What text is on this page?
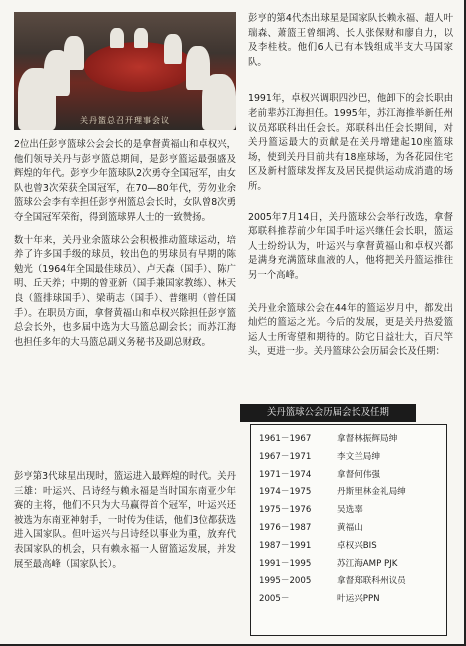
关丹篮总召开理事会议

2位出任彭亨篮球公会会长的是拿督黄福山和卓权兴，他们领导关丹与彭亨篮总期间，是彭亨篮运最强盛及辉煌的年代。彭亨少年篮球队2次勇夺全国冠军，由女队也曾3次荣获全国冠军，在70—80年代，劳勿业余篮球公会李有幸担任彭亨州篮总会长时，女队曾8次勇夺全国冠军荣衔，得到篮球界人士的一致赞扬。

数十年来，关丹业余篮球公会积极推动篮球运动，培养了许多国手级的球员，较出色的男球员有早期的陈勉光（1964年全国最佳球员）、卢天森（国手）、陈广明、丘天养；中期的曾亚新（国手兼国家教练）、林天良（篮排球国手）、梁萌志（国手）、普继明（曾任国手）。在职员方面，拿督黄福山和卓权兴除担任彭亨篮总会长外，也多届中选为大马篮总副会长；而苏江海也担任多年的大马篮总副义务秘书及副总财政。

彭亨第3代球星出现时，篮运进入最辉煌的时代。关丹三雄：叶运兴、吕诗经与赖永福是当时国东南亚少年赛的主将，他们不只为大马赢得首个冠军，叶运兴还被选为东南亚神射手，一时传为佳话，他们3位都获选进入国家队。但叶运兴与吕诗经以事业为重，放弃代表国家队的机会，只有赖永福一人留篮运发展，并发展至最高峰（国家队长）。

彭亨的第4代杰出球星是国家队长赖永福、超人叶瑞森、萧篮王曾细鸿、长人张保财和廖自力，以及李桂枝。他们6人已有本钱组成半支大马国家队。

1991年，卓权兴调职四沙巴，他卸下的会长职由老前辈苏江海担任。1995年，苏江海推举新任州议员郑联科出任会长。郑联科出任会长期间，对关丹篮运最大的贡献是在关丹增建起10座篮球场，使到关丹目前共有18座球场，为各花园住宅区及新村篮球发挥友及居民提供运动成消遣的场所。

2005年7月14日，关丹篮球公会举行改选，拿督郑联科推荐前少年国手叶运兴继任会长职，篮运人士纷纷认为，叶运兴与拿督黄福山和卓权兴都是满身充满篮球血液的人，他将把关丹篮运推往另一个高峰。

关丹业余篮球公会在44年的篮运岁月中，都发出灿烂的篮运之光。今后的发展，更是关丹热爱篮运人士所寄望和期待的。防它日益壮大，百尺竿头，更进一步。关丹篮球公会历届会长及任期：

关丹篮球公会历届会长及任期
1961－1967	拿督林振辉局绅
1967－1971	李文兰局绅
1971－1974	拿督何伟强
1974－1975	丹斯里林金礼局绅
1975－1976	吴选辜
1976－1987	黄福山
1987－1991	卓权兴BIS
1991－1995	苏江海AMP PJK
1995－2005	拿督郑联科州议员
2005－	叶运兴PPN
